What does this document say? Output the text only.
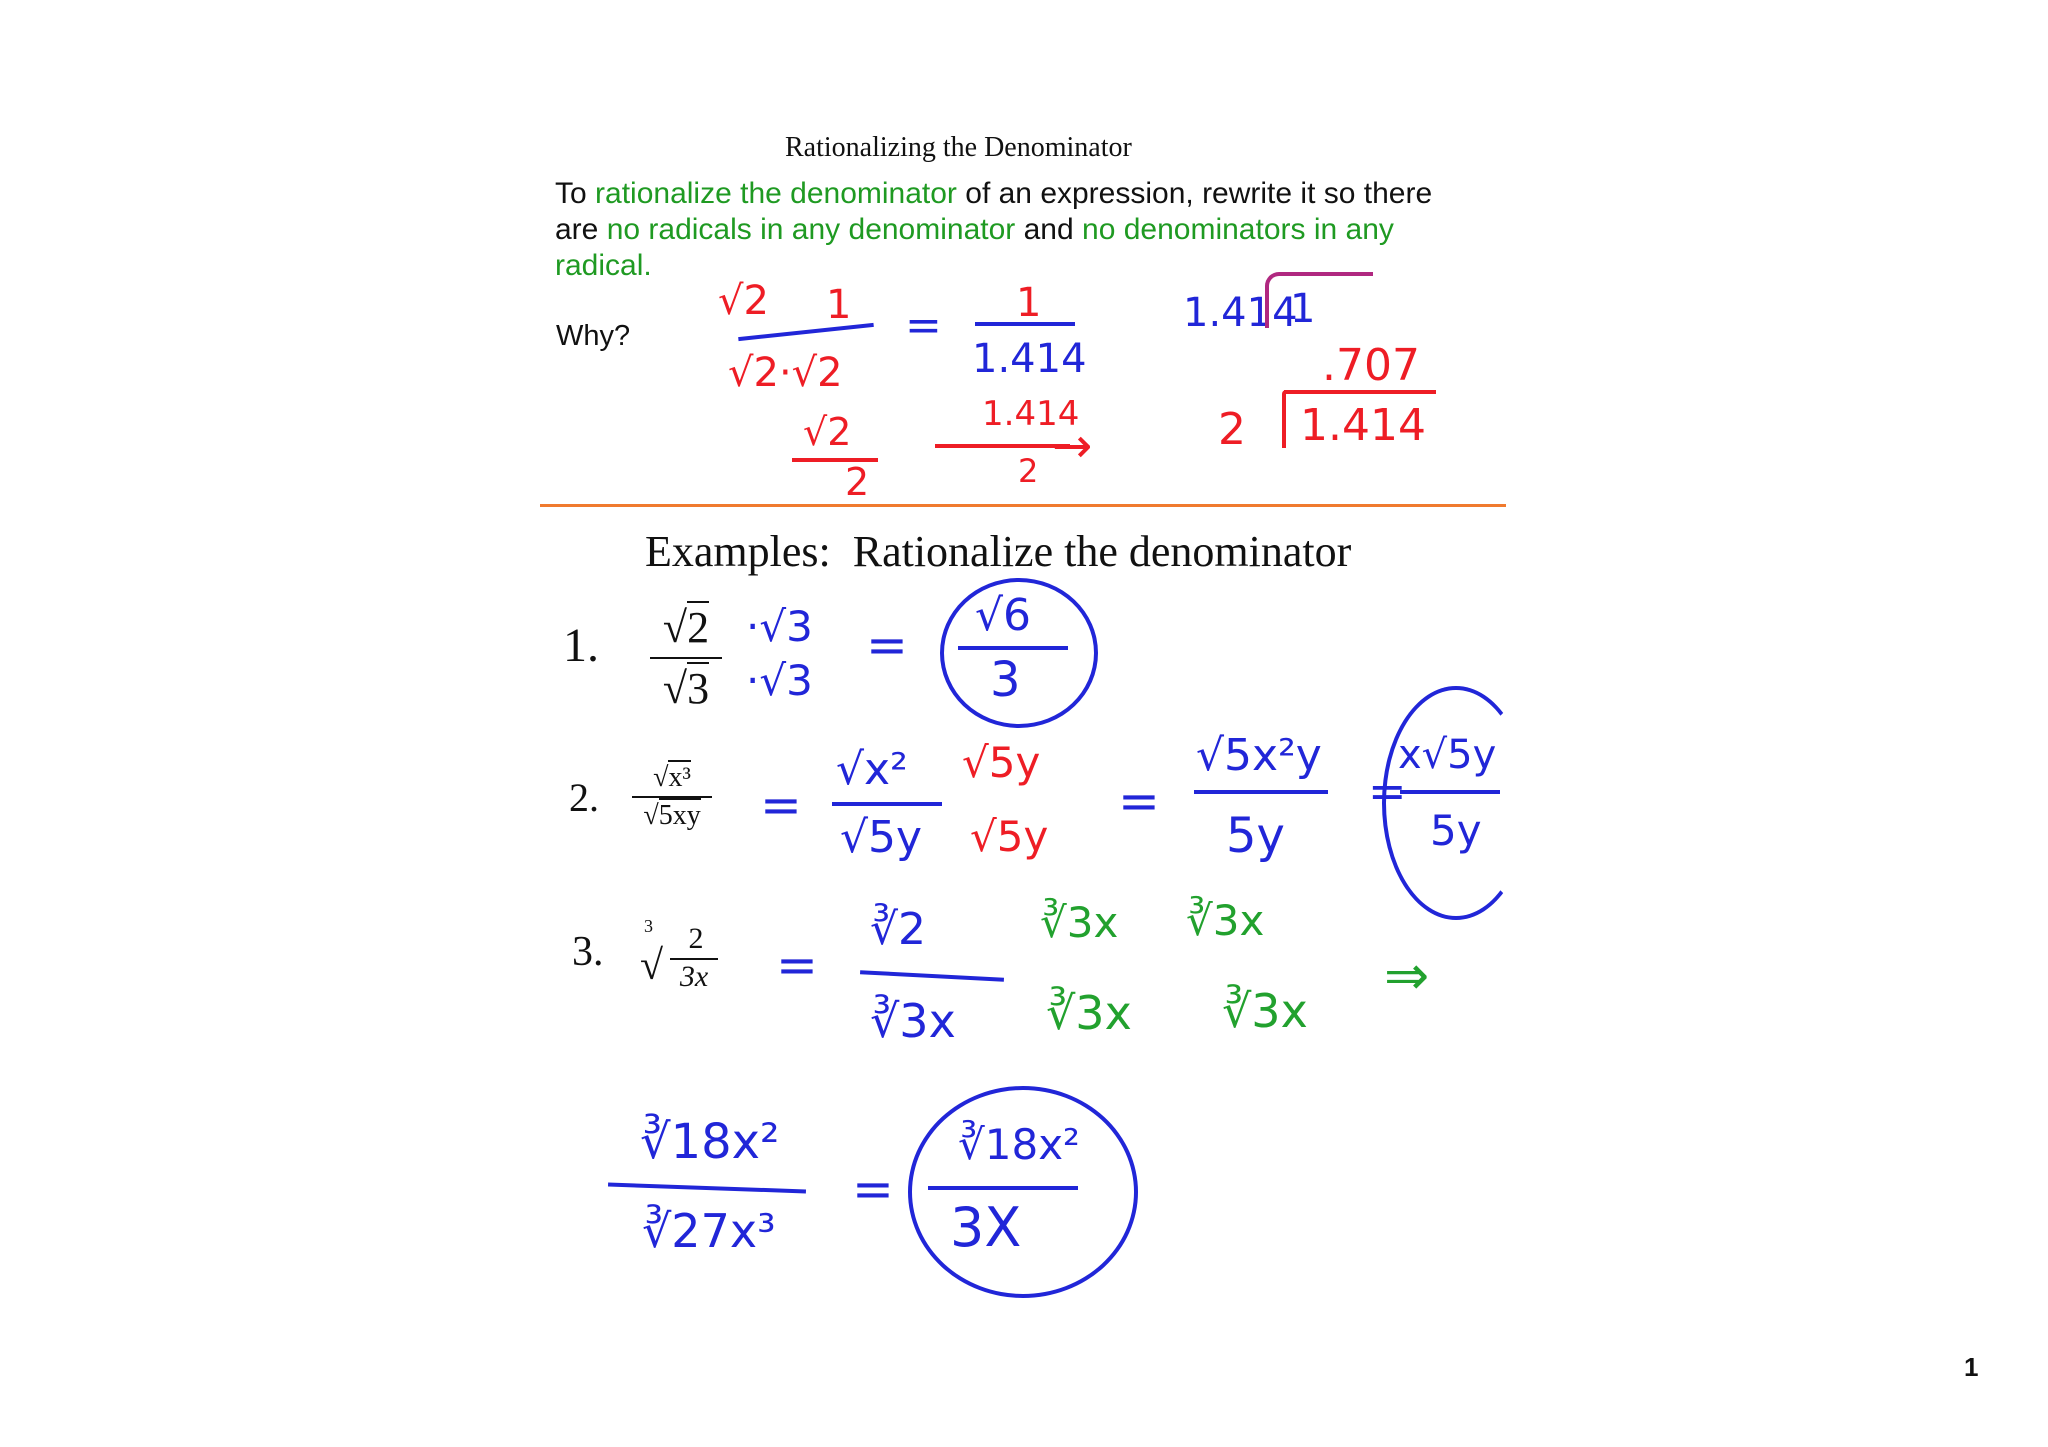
Rationalizing the Denominator
To rationalize the denominator of an expression, rewrite it so there
are no radicals in any denominator and no denominators in any
radical.
Why?
√2 1
√2·√2
= 1
1.414
1.414
1
√2
2
1.414
→
2
.707
2 1.414
Examples:  Rationalize the denominator
1. √2
√3
·√3
·√3
=
√6
3
2. √x³
√5xy =
√x²
√5y
√5y
√5y
=
√5x²y
5y
=
x√5y
5y
3.
3
√
2
3x =
∛2
∛3x
∛3x ∛3x
∛3x ∛3x
⇒
∛18x²
∛27x³
=
∛18x²
3X
1
